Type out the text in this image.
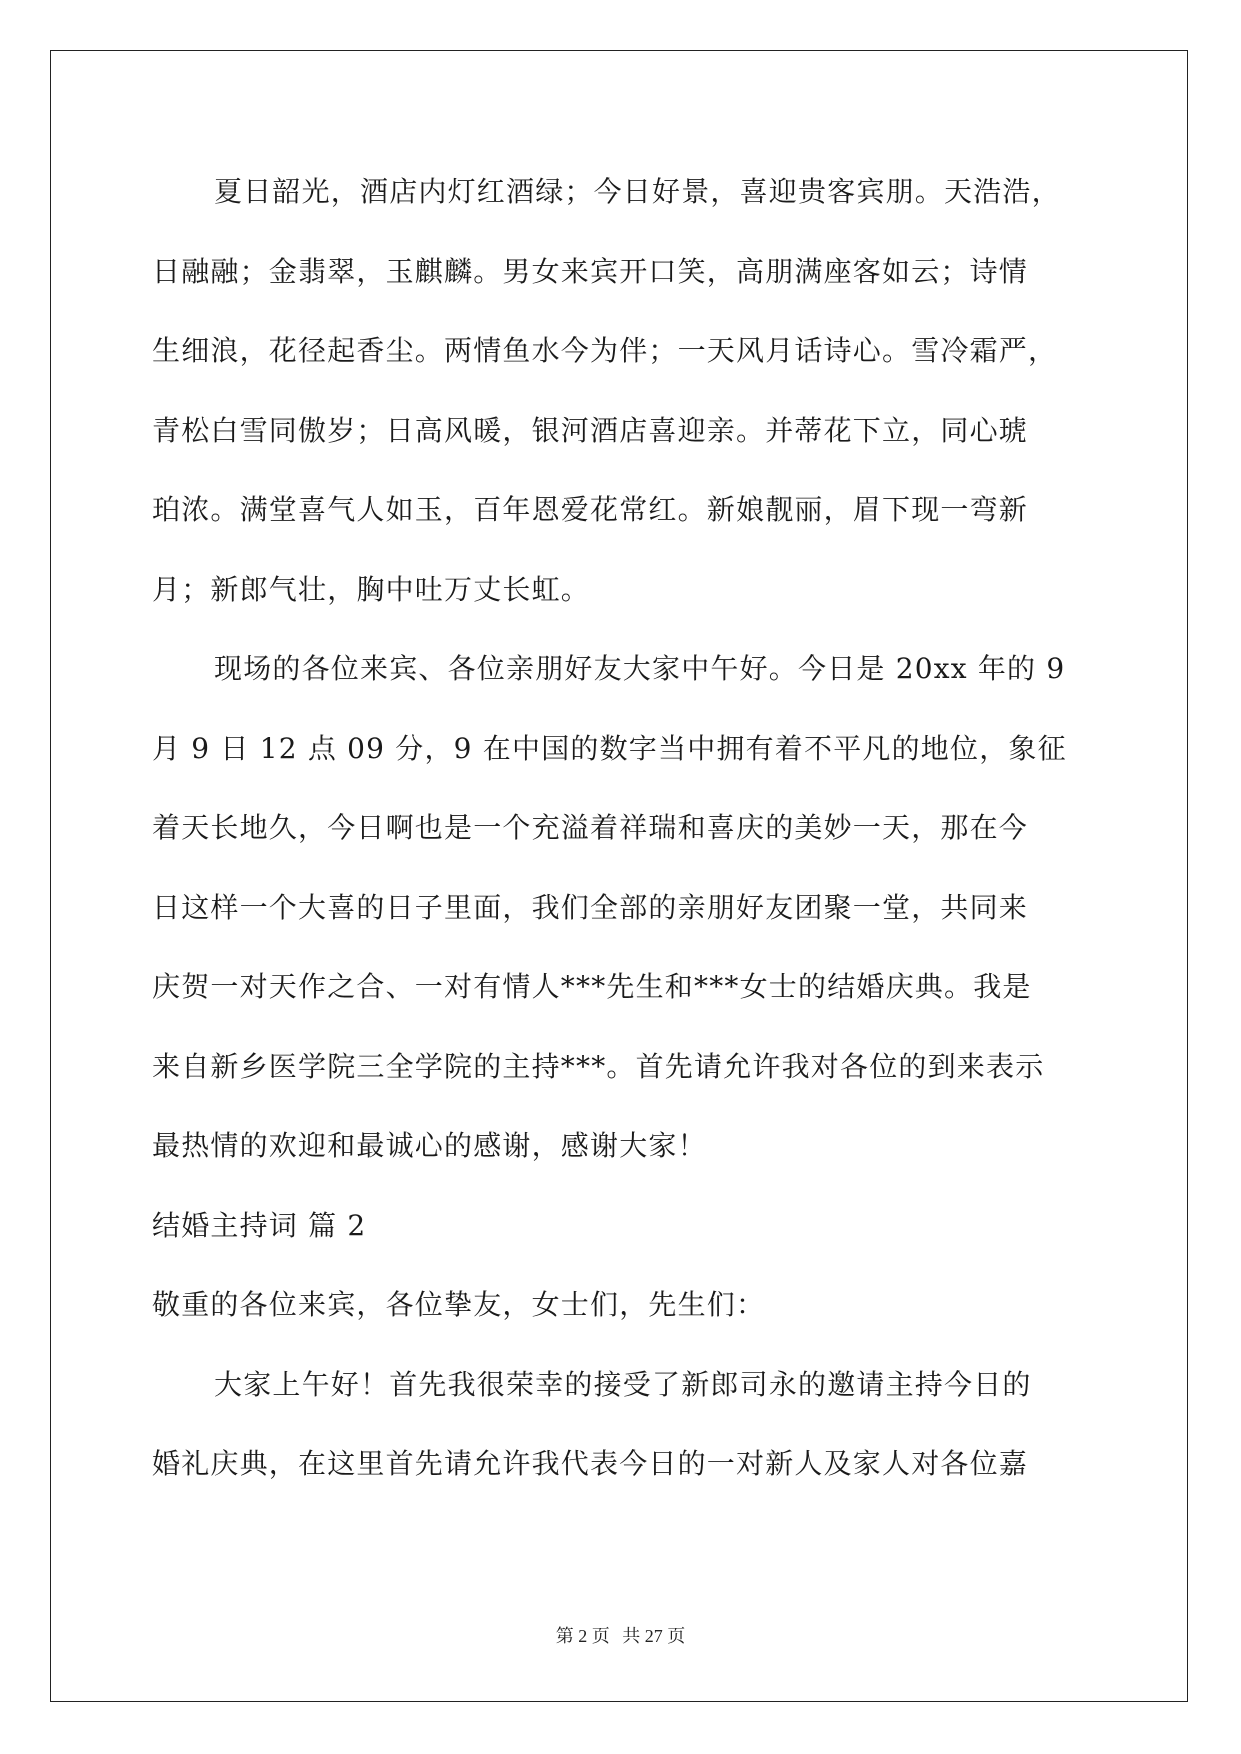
夏日韶光，酒店内灯红酒绿；今日好景，喜迎贵客宾朋。天浩浩，
日融融；金翡翠，玉麒麟。男女来宾开口笑，高朋满座客如云；诗情
生细浪，花径起香尘。两情鱼水今为伴；一天风月话诗心。雪冷霜严，
青松白雪同傲岁；日高风暖，银河酒店喜迎亲。并蒂花下立，同心琥
珀浓。满堂喜气人如玉，百年恩爱花常红。新娘靓丽，眉下现一弯新
月；新郎气壮，胸中吐万丈长虹。
现场的各位来宾、各位亲朋好友大家中午好。今日是 20xx 年的 9
月 9 日 12 点 09 分，9 在中国的数字当中拥有着不平凡的地位，象征
着天长地久，今日啊也是一个充溢着祥瑞和喜庆的美妙一天，那在今
日这样一个大喜的日子里面，我们全部的亲朋好友团聚一堂，共同来
庆贺一对天作之合、一对有情人***先生和***女士的结婚庆典。我是
来自新乡医学院三全学院的主持***。首先请允许我对各位的到来表示
最热情的欢迎和最诚心的感谢，感谢大家！
结婚主持词 篇 2
敬重的各位来宾，各位挚友，女士们，先生们：
大家上午好！首先我很荣幸的接受了新郎司永的邀请主持今日的
婚礼庆典，在这里首先请允许我代表今日的一对新人及家人对各位嘉
第 2 页 共 27 页
